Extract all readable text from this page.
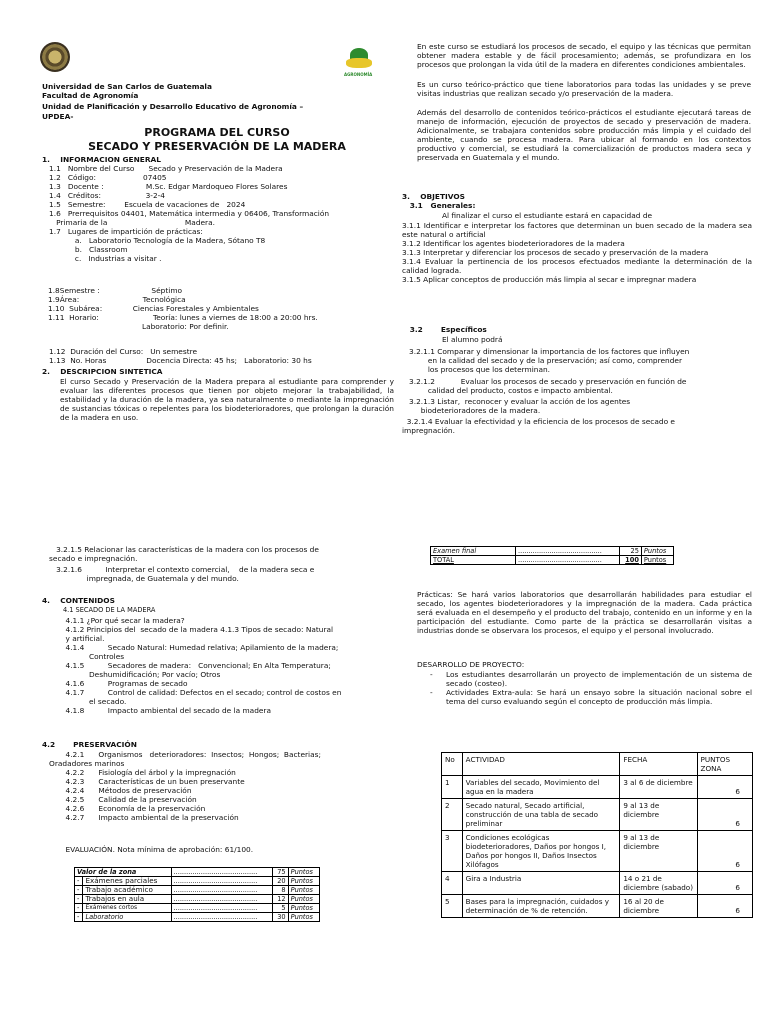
AGRONOMÍA
Universidad de San Carlos de Guatemala
Facultad de Agronomía
Unidad de Planificación y Desarrollo Educativo de Agronomía –
UPDEA-
PROGRAMA DEL CURSO
SECADO Y PRESERVACIÓN DE LA MADERA
1.    INFORMACION GENERAL
1.1   Nombre del Curso      Secado y Preservación de la Madera
1.2   Código:                    07405
1.3   Docente :                  M.Sc. Edgar Mardoqueo Flores Solares
1.4   Créditos:                   3-2-4
1.5   Semestre:        Escuela de vacaciones de   2024
1.6   Prerrequisitos 04401, Matemática intermedia y 06406, Transformación
Primaria de la                                 Madera.
1.7   Lugares de impartición de prácticas:
a.   Laboratorio Tecnología de la Madera, Sótano T8
b.   Classroom
c.   Industrias a visitar .
1.8Semestre :                      Séptimo
1.9Área:                           Tecnológica
1.10  Subárea:             Ciencias Forestales y Ambientales
1.11  Horario:                       Teoría: lunes a viernes de 18:00 a 20:00 hrs.
Laboratorio: Por definir.
1.12  Duración del Curso:   Un semestre
1.13  No. Horas                 Docencia Directa: 45 hs;   Laboratorio: 30 hs
2.    DESCRIPCION SINTETICA
El curso Secado y Preservación de la Madera prepara al estudiante para comprender y evaluar las diferentes procesos que tienen por objeto mejorar la trabajabilidad, la estabilidad y la duración de la madera, ya sea naturalmente o mediante la impregnación de sustancias tóxicas o repelentes para los biodeterioradores, que prolongan la duración de la madera en uso.
En este curso se estudiará los procesos de secado, el equipo y las técnicas que permitan obtener madera estable y de fácil procesamiento; además, se profundizara en los procesos que prolongan la vida útil de la madera en diferentes condiciones ambientales.
Es un curso teórico-práctico que tiene laboratorios para todas las unidades y se preve visitas industrias que realizan secado y/o preservación de la madera.
Además del desarrollo de contenidos teórico-prácticos el estudiante ejecutará tareas de manejo de información, ejecución de proyectos de secado y preservación de madera. Adicionalmente, se trabajara contenidos sobre producción más limpia y el cuidado del ambiente, cuando se procesa madera. Para ubicar al formando en los contextos productivo y comercial, se estudiará la comercialización de productos madera seca y preservada en Guatemala y el mundo.
3.    OBJETIVOS
3.1   Generales:
Al finalizar el curso el estudiante estará en capacidad de
3.1.1 Identificar e interpretar los factores que determinan un buen secado de la madera sea este natural o artificial
3.1.2 Identificar los agentes biodeterioradores de la madera
3.1.3 Interpretar y diferenciar los procesos de secado y preservación de la madera
3.1.4 Evaluar la pertinencia de los procesos efectuados mediante la determinación de la calidad lograda.
3.1.5 Aplicar conceptos de producción más limpia al secar e impregnar madera
3.2       Específicos
El alumno podrá
3.2.1.1 Comparar y dimensionar la importancia de los factores que influyen
en la calidad del secado y de la preservación; así como, comprender
los procesos que los determinan.
3.2.1.2           Evaluar los procesos de secado y preservación en función de
calidad del producto, costos e impacto ambiental.
3.2.1.3 Listar,  reconocer y evaluar la acción de los agentes
biodeterioradores de la madera.
3.2.1.4 Evaluar la efectividad y la eficiencia de los procesos de secado e
impregnación.
3.2.1.5 Relacionar las características de la madera con los procesos de
secado e impregnación.
3.2.1.6          Interpretar el contexto comercial,    de la madera seca e
impregnada, de Guatemala y del mundo.
4.    CONTENIDOS
4.1 SECADO DE LA MADERA
4.1.1 ¿Por qué secar la madera?
4.1.2 Principios del  secado de la madera 4.1.3 Tipos de secado: Natural
y artificial.
4.1.4          Secado Natural: Humedad relativa; Apilamiento de la madera;
Controles
4.1.5          Secadores de madera:   Convencional; En Alta Temperatura;
Deshumidificación; Por vacío; Otros
4.1.6          Programas de secado
4.1.7          Control de calidad: Defectos en el secado; control de costos en
el secado.
4.1.8          Impacto ambiental del secado de la madera
4.2       PRESERVACIÓN
4.2.1      Organismos   deterioradores:  Insectos;  Hongos;  Bacterias;
Oradadores marinos
4.2.2      Fisiología del árbol y la impregnación
4.2.3      Características de un buen preservante
4.2.4      Métodos de preservación
4.2.5      Calidad de la preservación
4.2.6      Economía de la preservación
4.2.7      Impacto ambiental de la preservación
EVALUACIÓN. Nota mínima de aprobación: 61/100.
Valor de la zona		........................................	75	Puntos
-	Exámenes parciales	........................................	20	Puntos
-	Trabajo académico	........................................	8	Puntos
-	Trabajos en aula	........................................	12	Puntos
-	Exámenes cortos	........................................	5	Puntos
-	Laboratorio	........................................	30	Puntos
Examen final	........................................	25	Puntos
TOTAL	........................................	100	Puntos
Prácticas: Se hará varios laboratorios que desarrollarán habilidades para estudiar el secado, los agentes biodeterioradores y la impregnación de la madera. Cada práctica será evaluada en el desempeño y el producto del trabajo, contenido en un informe y en la participación del estudiante. Como parte de la práctica se desarrollarán visitas a industrias donde se observara los procesos, el equipo y el personal involucrado.
DESARROLLO DE PROYECTO:
- Los estudiantes desarrollarán un proyecto de implementación de un sistema de secado (costeo).
- Actividades Extra-aula: Se hará un ensayo sobre la situación nacional sobre el tema del curso evaluando según el concepto de producción más limpia.
No	ACTIVIDAD	FECHA	PUNTOS ZONA
1	Variables del secado, Movimiento del agua en la madera	3 al 6 de diciembre	6
2	Secado natural, Secado artificial, construcción de una tabla de secado preliminar	9 al 13 de diciembre	6
3	Condiciones ecológicas biodeterioradores, Daños por hongos I, Daños por hongos II, Daños Insectos Xilófagos	9 al 13 de diciembre	6
4	Gira a Industria	14 o 21 de diciembre (sabado)	6
5	Bases para la impregnación, cuidados y determinación de % de retención.	16 al 20 de diciembre	6
